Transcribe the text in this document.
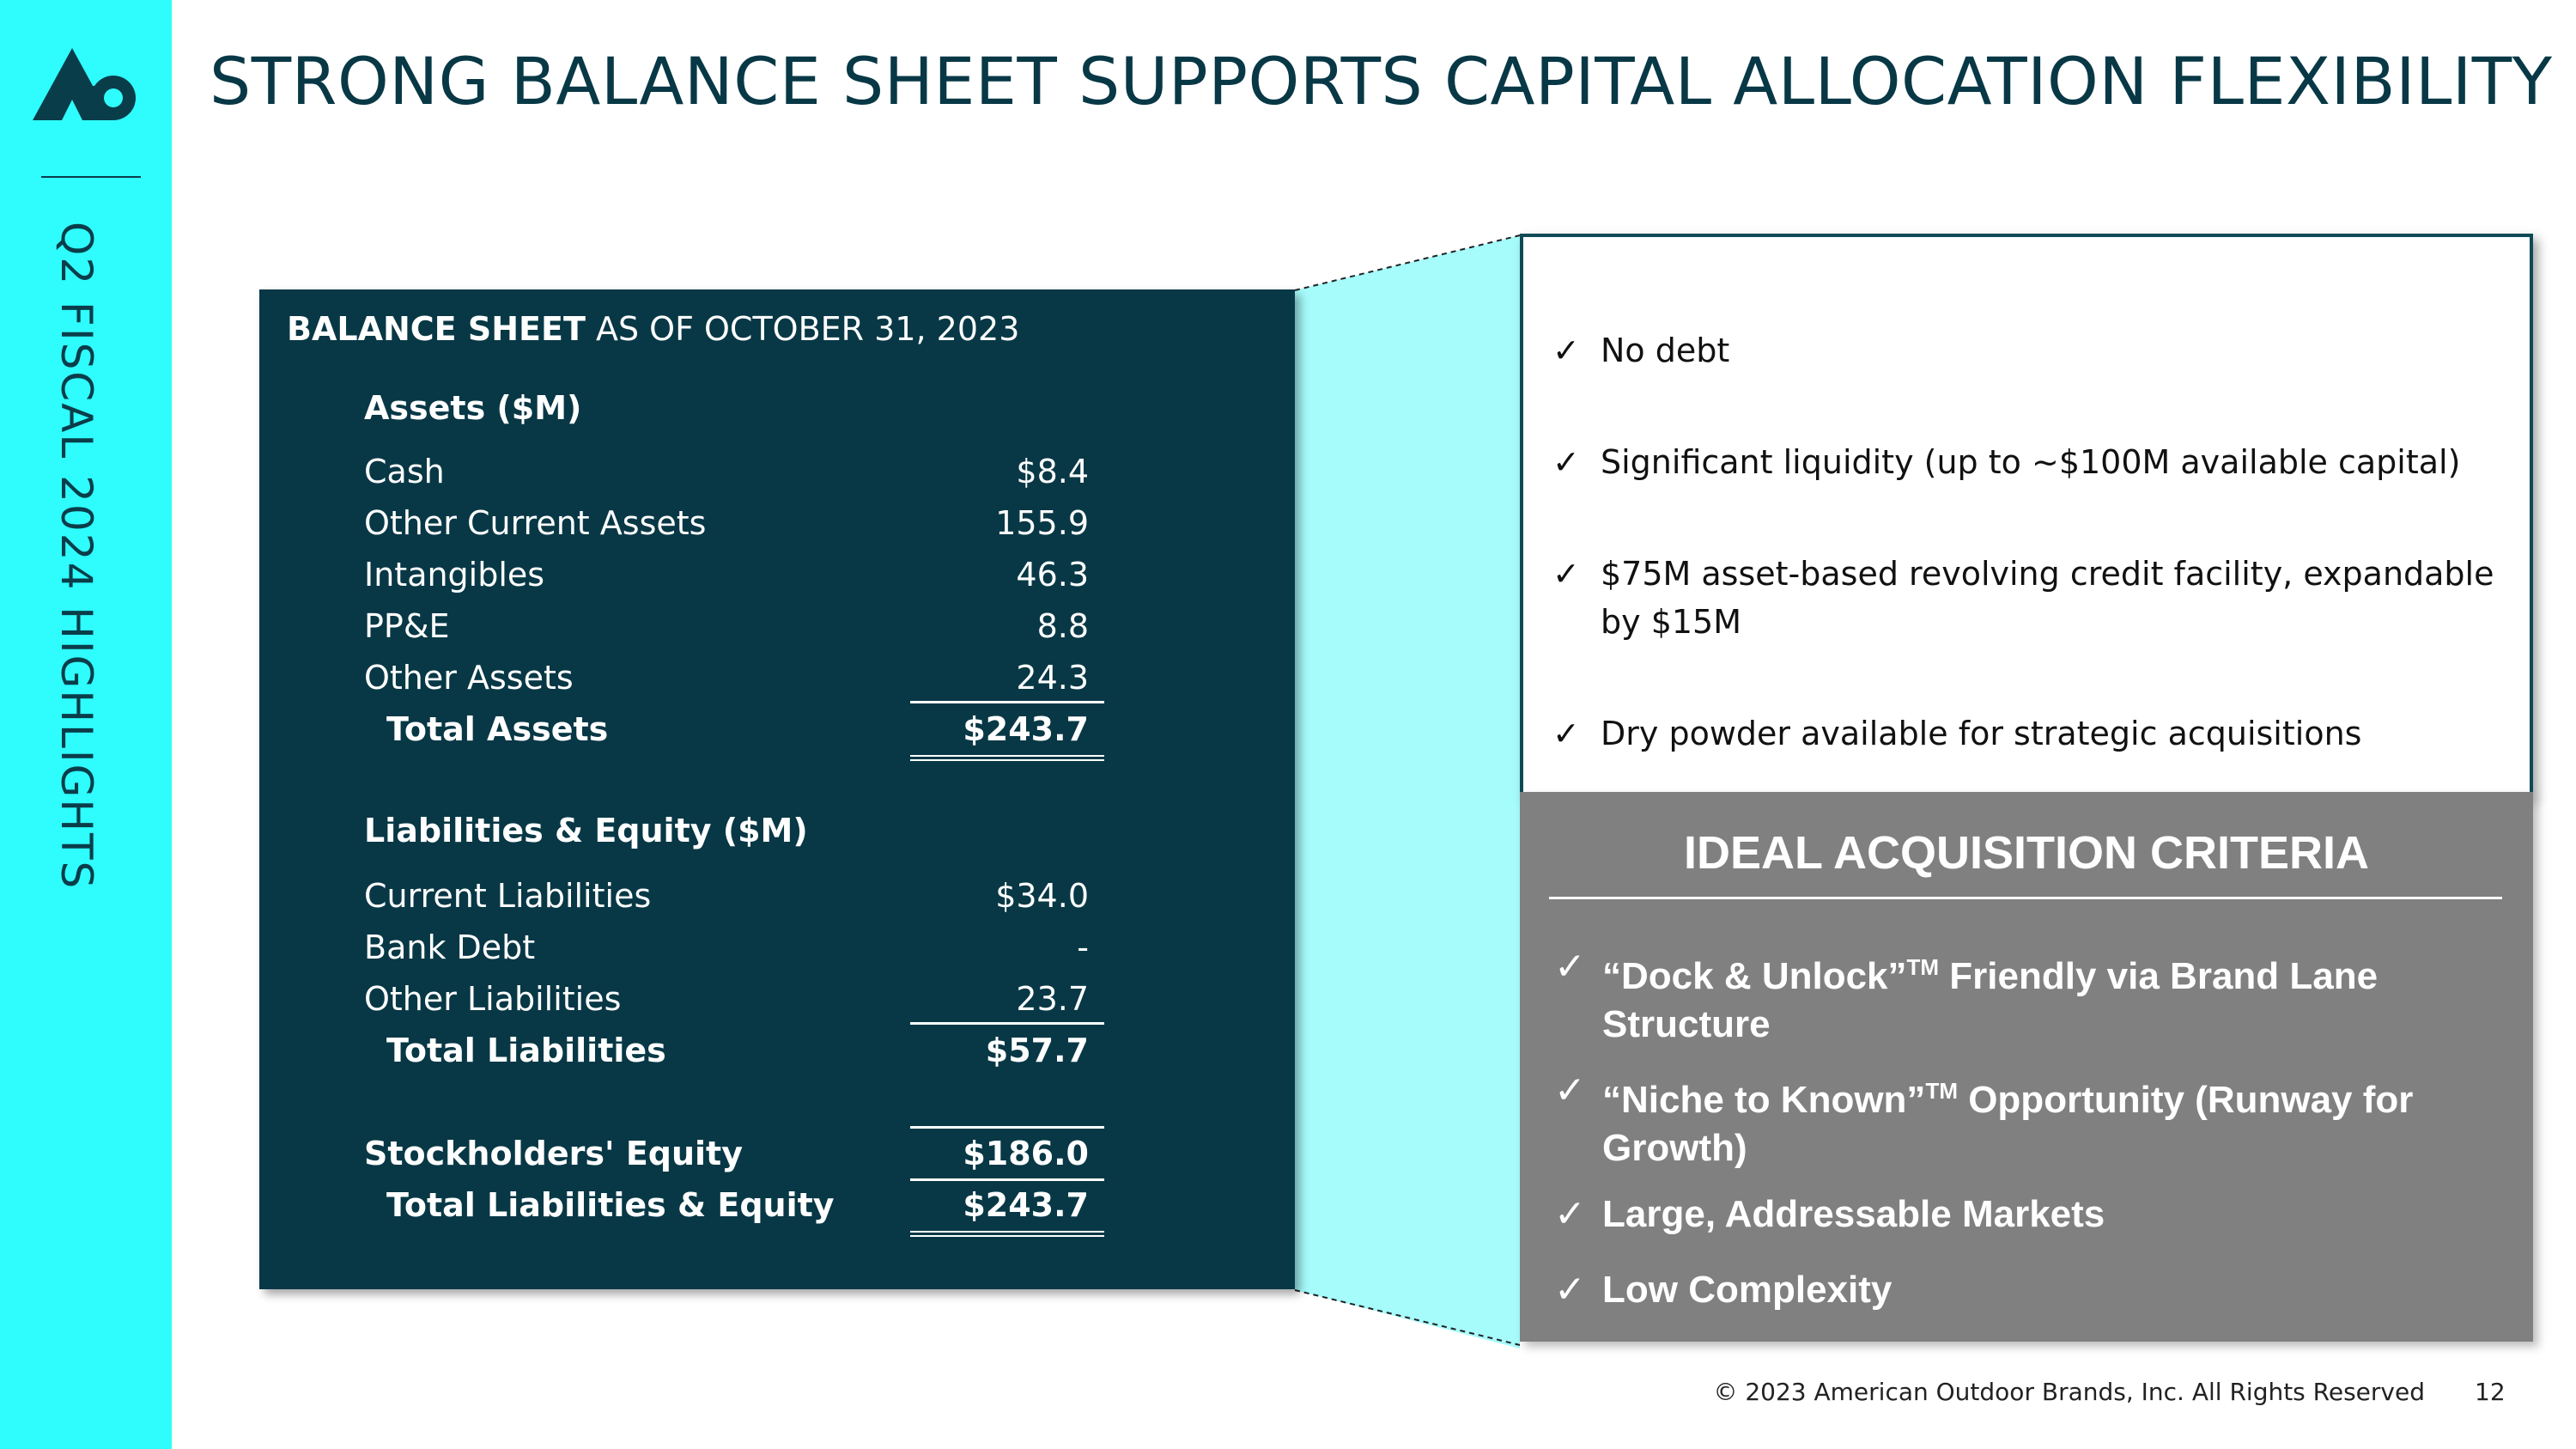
Q2 FISCAL 2024 HIGHLIGHTS
STRONG BALANCE SHEET SUPPORTS CAPITAL ALLOCATION FLEXIBILITY
BALANCE SHEET AS OF OCTOBER 31, 2023
Assets ($M)
Cash	$8.4
Other Current Assets	155.9
Intangibles	46.3
PP&E	8.8
Other Assets	24.3
Total Assets	$243.7
Liabilities & Equity ($M)
Current Liabilities	$34.0
Bank Debt	-
Other Liabilities	23.7
Total Liabilities	$57.7
Stockholders' Equity	$186.0
Total Liabilities & Equity	$243.7
✓ No debt
✓ Significant liquidity (up to ~$100M available capital)
✓ $75M asset-based revolving credit facility, expandable by $15M
✓ Dry powder available for strategic acquisitions
IDEAL ACQUISITION CRITERIA
✓ “Dock & Unlock”™ Friendly via Brand Lane Structure
✓ “Niche to Known”™ Opportunity (Runway for Growth)
✓ Large, Addressable Markets
✓ Low Complexity
© 2023 American Outdoor Brands, Inc. All Rights Reserved 12
